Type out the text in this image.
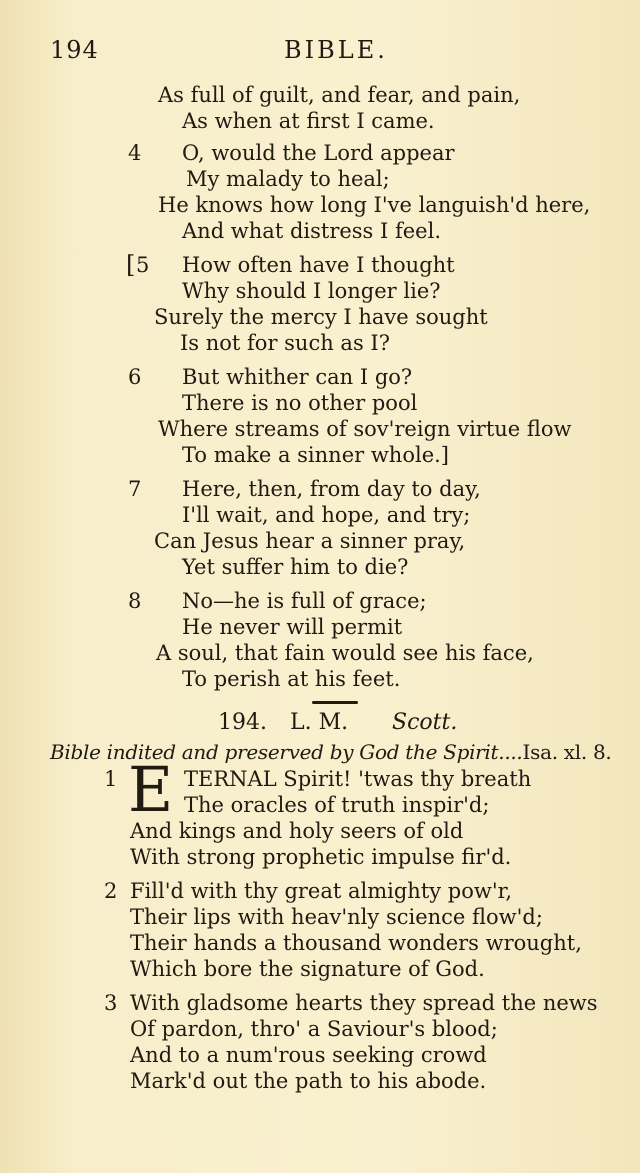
194	BIBLE.
As full of guilt, and fear, and pain,
As when at first I came.
4 O, would the Lord appear
My malady to heal;
He knows how long I've languish'd here,
And what distress I feel.
[ 5 How often have I thought
Why should I longer lie?
Surely the mercy I have sought
Is not for such as I?
6 But whither can I go?
There is no other pool
Where streams of sov'reign virtue flow
To make a sinner whole.]
7 Here, then, from day to day,
I'll wait, and hope, and try;
Can Jesus hear a sinner pray,
Yet suffer him to die?
8 No—he is full of grace;
He never will permit
A soul, that fain would see his face,
To perish at his feet.
194. L. M. Scott.
Bible indited and preserved by God the Spirit....Isa. xl. 8.
E
1	TERNAL Spirit! 'twas thy breath
The oracles of truth inspir'd;
And kings and holy seers of old
With strong prophetic impulse fir'd.
2 Fill'd with thy great almighty pow'r,
Their lips with heav'nly science flow'd;
Their hands a thousand wonders wrought,
Which bore the signature of God.
3 With gladsome hearts they spread the news
Of pardon, thro' a Saviour's blood;
And to a num'rous seeking crowd
Mark'd out the path to his abode.
